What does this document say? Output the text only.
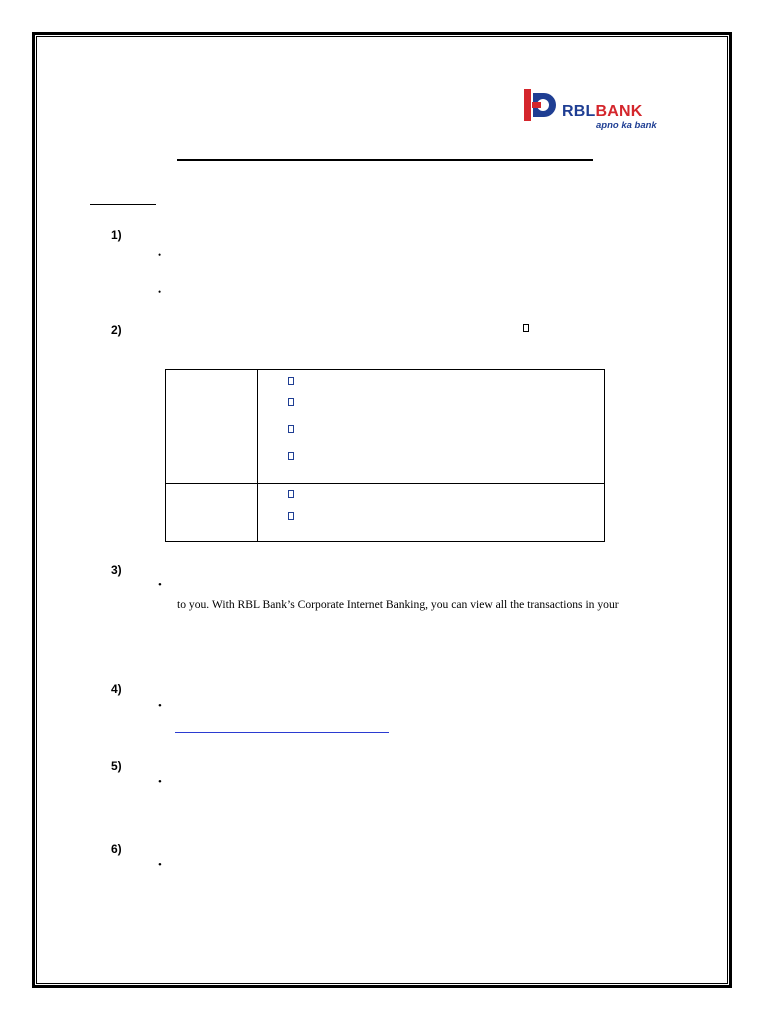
RBLBANK
apno ka bank
1)
•
•
2)
3)
•
to you. With RBL Bank’s Corporate Internet Banking, you can view all the transactions in your
4)
•
5)
•
6)
•
